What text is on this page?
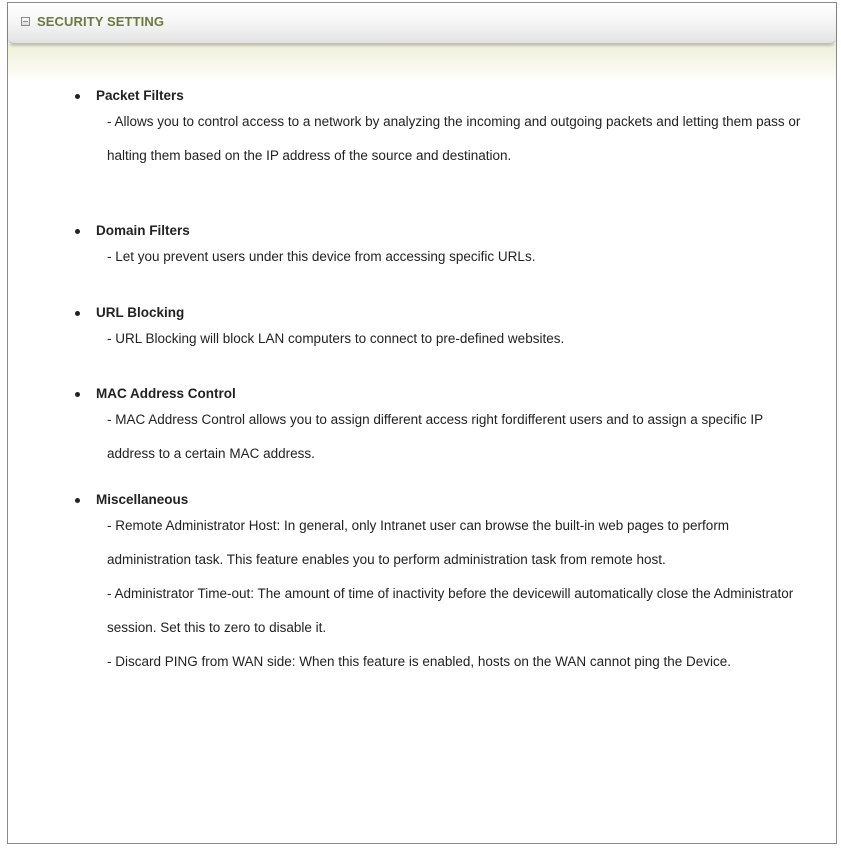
SECURITY SETTING
Packet Filters

- Allows you to control access to a network by analyzing the incoming and outgoing packets and letting them pass or halting them based on the IP address of the source and destination.

Domain Filters

- Let you prevent users under this device from accessing specific URLs.

URL Blocking

- URL Blocking will block LAN computers to connect to pre-defined websites.

MAC Address Control

- MAC Address Control allows you to assign different access right fordifferent users and to assign a specific IP address to a certain MAC address.

Miscellaneous

- Remote Administrator Host: In general, only Intranet user can browse the built-in web pages to perform administration task. This feature enables you to perform administration task from remote host.

- Administrator Time-out: The amount of time of inactivity before the devicewill automatically close the Administrator session. Set this to zero to disable it.

- Discard PING from WAN side: When this feature is enabled, hosts on the WAN cannot ping the Device.
